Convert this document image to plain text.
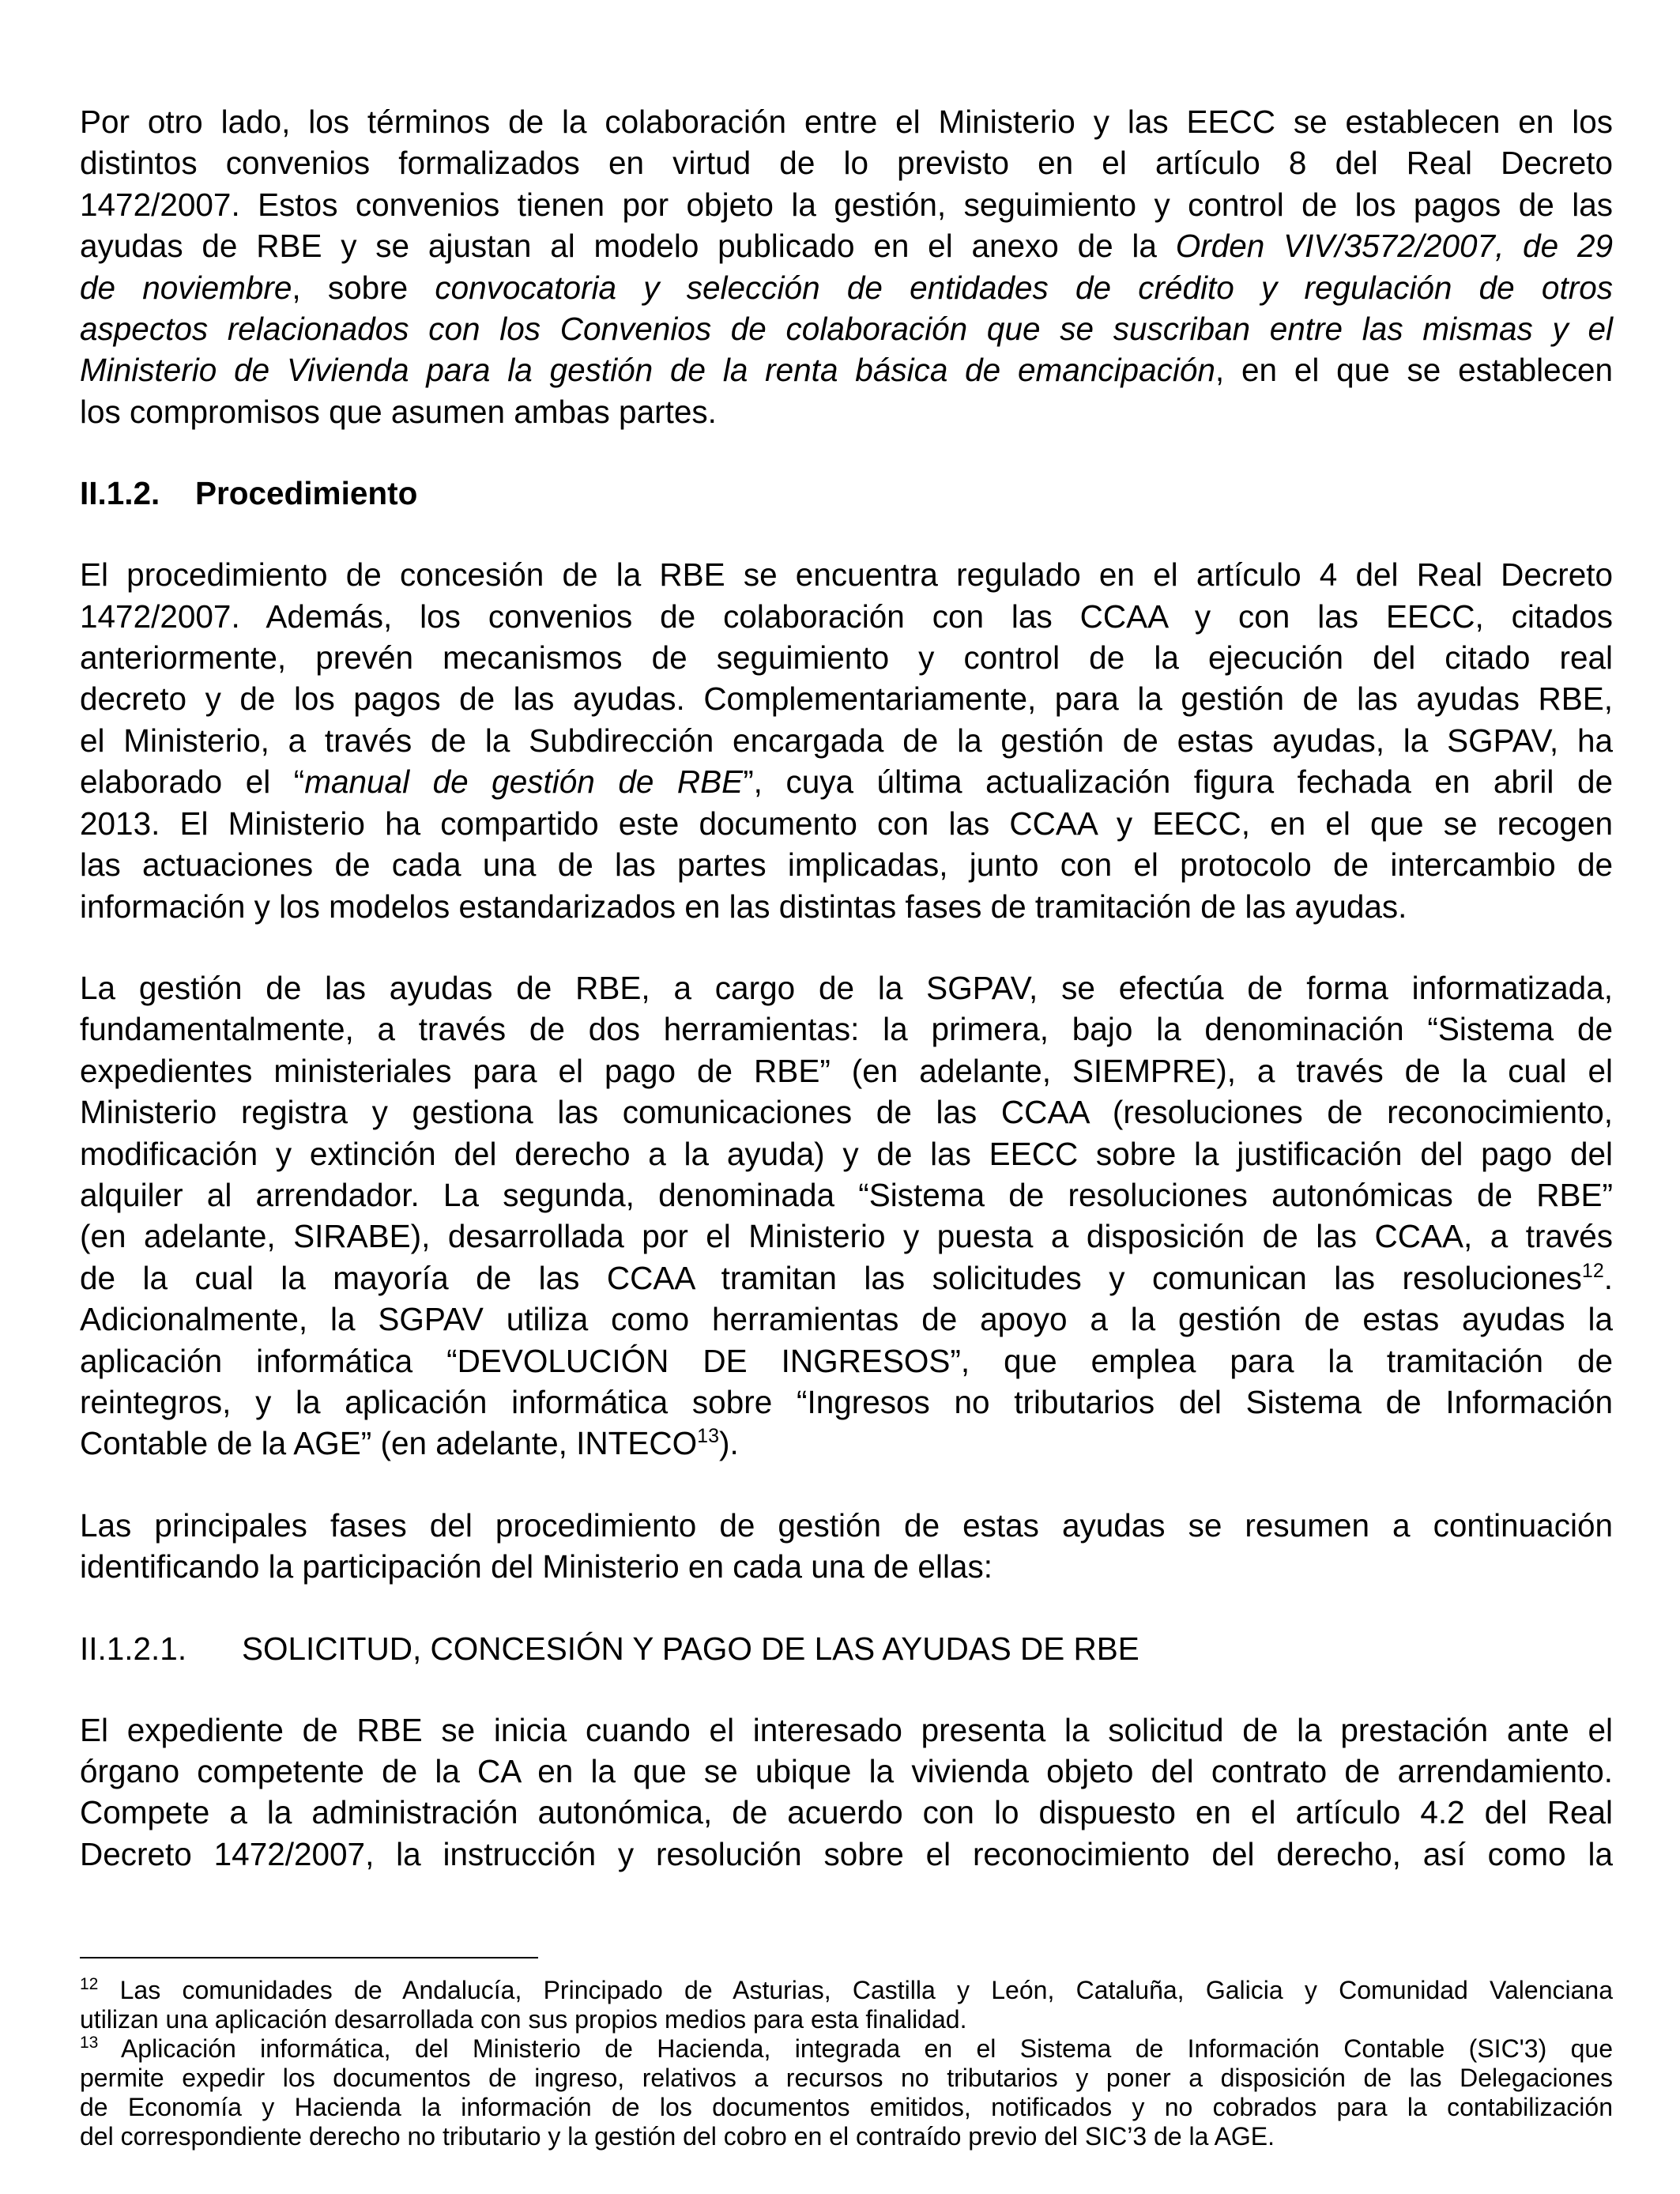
Por otro lado, los términos de la colaboración entre el Ministerio y las EECC se establecen en los
distintos convenios formalizados en virtud de lo previsto en el artículo 8 del Real Decreto
1472/2007. Estos convenios tienen por objeto la gestión, seguimiento y control de los pagos de las
ayudas de RBE y se ajustan al modelo publicado en el anexo de la Orden VIV/3572/2007, de 29
de noviembre, sobre convocatoria y selección de entidades de crédito y regulación de otros
aspectos relacionados con los Convenios de colaboración que se suscriban entre las mismas y el
Ministerio de Vivienda para la gestión de la renta básica de emancipación, en el que se establecen
los compromisos que asumen ambas partes.

II.1.2. Procedimiento

El procedimiento de concesión de la RBE se encuentra regulado en el artículo 4 del Real Decreto
1472/2007. Además, los convenios de colaboración con las CCAA y con las EECC, citados
anteriormente, prevén mecanismos de seguimiento y control de la ejecución del citado real
decreto y de los pagos de las ayudas. Complementariamente, para la gestión de las ayudas RBE,
el Ministerio, a través de la Subdirección encargada de la gestión de estas ayudas, la SGPAV, ha
elaborado el “manual de gestión de RBE”, cuya última actualización figura fechada en abril de
2013. El Ministerio ha compartido este documento con las CCAA y EECC, en el que se recogen
las actuaciones de cada una de las partes implicadas, junto con el protocolo de intercambio de
información y los modelos estandarizados en las distintas fases de tramitación de las ayudas.

La gestión de las ayudas de RBE, a cargo de la SGPAV, se efectúa de forma informatizada,
fundamentalmente, a través de dos herramientas: la primera, bajo la denominación “Sistema de
expedientes ministeriales para el pago de RBE” (en adelante, SIEMPRE), a través de la cual el
Ministerio registra y gestiona las comunicaciones de las CCAA (resoluciones de reconocimiento,
modificación y extinción del derecho a la ayuda) y de las EECC sobre la justificación del pago del
alquiler al arrendador. La segunda, denominada “Sistema de resoluciones autonómicas de RBE”
(en adelante, SIRABE), desarrollada por el Ministerio y puesta a disposición de las CCAA, a través
de la cual la mayoría de las CCAA tramitan las solicitudes y comunican las resoluciones$^{12}$.
Adicionalmente, la SGPAV utiliza como herramientas de apoyo a la gestión de estas ayudas la
aplicación informática “DEVOLUCIÓN DE INGRESOS”, que emplea para la tramitación de
reintegros, y la aplicación informática sobre “Ingresos no tributarios del Sistema de Información
Contable de la AGE” (en adelante, INTECO$^{13}$).

Las principales fases del procedimiento de gestión de estas ayudas se resumen a continuación
identificando la participación del Ministerio en cada una de ellas:

II.1.2.1. SOLICITUD, CONCESIÓN Y PAGO DE LAS AYUDAS DE RBE

El expediente de RBE se inicia cuando el interesado presenta la solicitud de la prestación ante el
órgano competente de la CA en la que se ubique la vivienda objeto del contrato de arrendamiento.
Compete a la administración autonómica, de acuerdo con lo dispuesto en el artículo 4.2 del Real
Decreto 1472/2007, la instrucción y resolución sobre el reconocimiento del derecho, así como la

$^{12}$ Las comunidades de Andalucía, Principado de Asturias, Castilla y León, Cataluña, Galicia y Comunidad Valenciana
utilizan una aplicación desarrollada con sus propios medios para esta finalidad.

$^{13}$ Aplicación informática, del Ministerio de Hacienda, integrada en el Sistema de Información Contable (SIC'3) que
permite expedir los documentos de ingreso, relativos a recursos no tributarios y poner a disposición de las Delegaciones
de Economía y Hacienda la información de los documentos emitidos, notificados y no cobrados para la contabilización
del correspondiente derecho no tributario y la gestión del cobro en el contraído previo del SIC’3 de la AGE.
